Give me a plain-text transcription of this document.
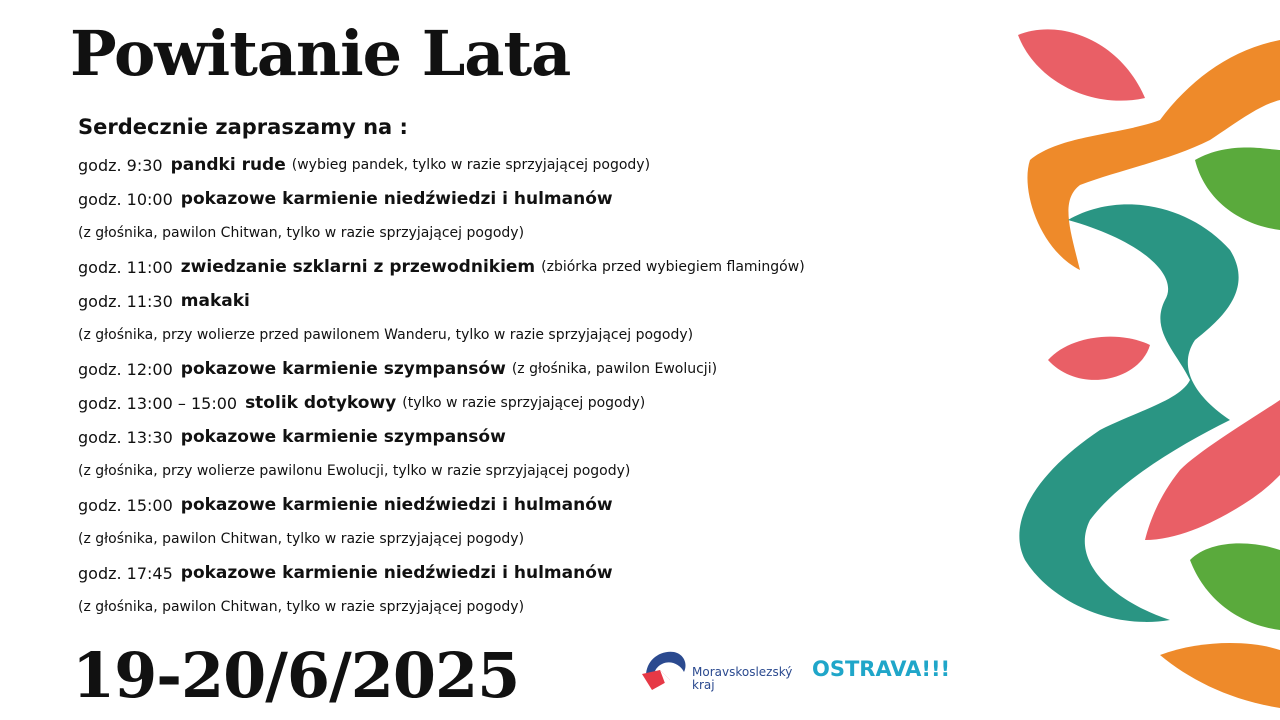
Powitanie Lata
Serdecznie zapraszamy na :
godz. 9:30 pandki rude (wybieg pandek, tylko w razie sprzyjającej pogody)
godz. 10:00 pokazowe karmienie niedźwiedzi i hulmanów
(z głośnika, pawilon Chitwan, tylko w razie sprzyjającej pogody)
godz. 11:00 zwiedzanie szklarni z przewodnikiem (zbiórka przed wybiegiem flamingów)
godz. 11:30 makaki
(z głośnika, przy wolierze przed pawilonem Wanderu, tylko w razie sprzyjającej pogody)
godz. 12:00 pokazowe karmienie szympansów (z głośnika, pawilon Ewolucji)
godz. 13:00 – 15:00 stolik dotykowy (tylko w razie sprzyjającej pogody)
godz. 13:30 pokazowe karmienie szympansów
(z głośnika, przy wolierze pawilonu Ewolucji, tylko w razie sprzyjającej pogody)
godz. 15:00 pokazowe karmienie niedźwiedzi i hulmanów
(z głośnika, pawilon Chitwan, tylko w razie sprzyjającej pogody)
godz. 17:45 pokazowe karmienie niedźwiedzi i hulmanów
(z głośnika, pawilon Chitwan, tylko w razie sprzyjającej pogody)
19-20/6/2025	Moravskoslezský
kraj
OSTRAVA!!!
